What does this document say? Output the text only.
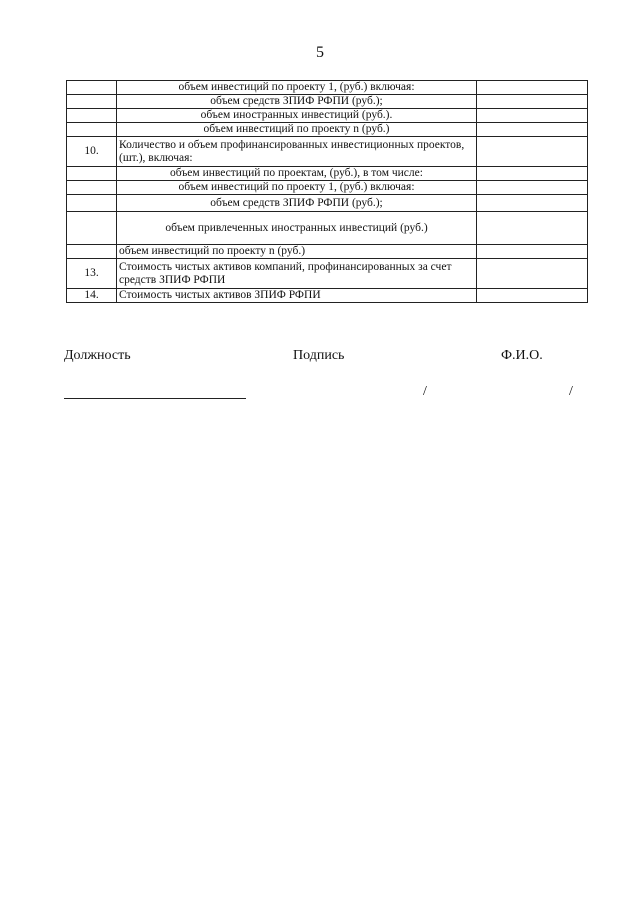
5
	объем инвестиций по проекту 1, (руб.) включая:	
	объем средств ЗПИФ РФПИ (руб.);	
	объем иностранных инвестиций (руб.).	
	объем инвестиций по проекту n (руб.)	
10.	Количество и объем профинансированных инвестиционных проектов, (шт.), включая:	
	объем инвестиций по проектам, (руб.), в том числе:	
	объем инвестиций по проекту 1, (руб.) включая:	
	объем средств ЗПИФ РФПИ (руб.);	
	объем привлеченных иностранных инвестиций (руб.)	
	объем инвестиций по проекту n (руб.)	
13.	Стоимость чистых активов компаний, профинансированных за счет средств ЗПИФ РФПИ	
14.	Стоимость чистых активов ЗПИФ РФПИ	
Должность	Подпись	Ф.И.О.
/	/
